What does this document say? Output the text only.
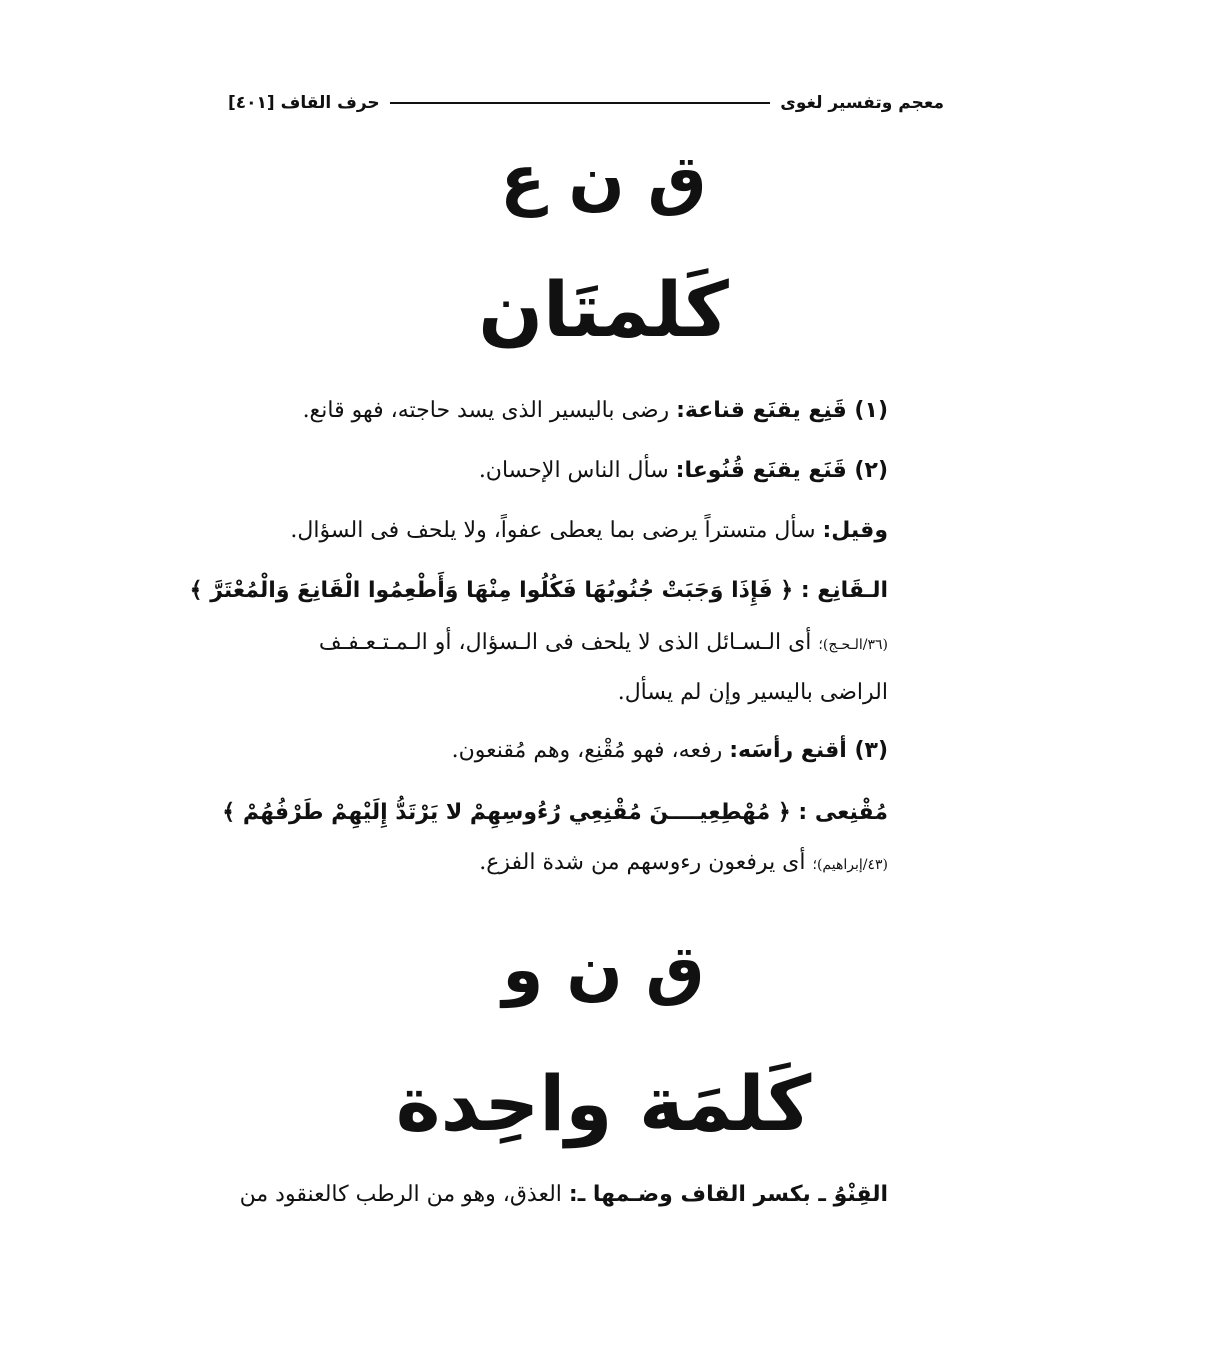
معجم وتفسير لغوى
حرف القاف [٤٠١]
ق ن ع
كَلمتَان
(١) قَنِع يقنَع قناعة: رضى باليسير الذى يسد حاجته، فهو قانع.
(٢) قَنَع يقنَع قُنُوعا: سأل الناس الإحسان.
وقيل: سأل متستراً يرضى بما يعطى عفواً، ولا يلحف فى السؤال.
الـقَانِع : ﴿ فَإِذَا وَجَبَتْ جُنُوبُهَا فَكُلُوا مِنْهَا وَأَطْعِمُوا الْقَانِعَ وَالْمُعْتَرَّ ﴾
(٣٦/الـحـج)؛ أى الـسـائل الذى لا يلحف فى الـسؤال، أو الـمـتـعـفـف
الراضى باليسير وإن لم يسأل.
(٣) أقنع رأسَه: رفعه، فهو مُقْنِع، وهم مُقنعون.
مُقْنِعى : ﴿ مُهْطِعِيــــنَ مُقْنِعِي رُءُوسِهِمْ لا يَرْتَدُّ إِلَيْهِمْ طَرْفُهُمْ ﴾
(٤٣/إبراهيم)؛ أى يرفعون رءوسهم من شدة الفزع.
ق ن و
كَلمَة واحِدة
القِنْوُ ـ بكسر القاف وضـمها ـ: العذق، وهو من الرطب كالعنقود من
